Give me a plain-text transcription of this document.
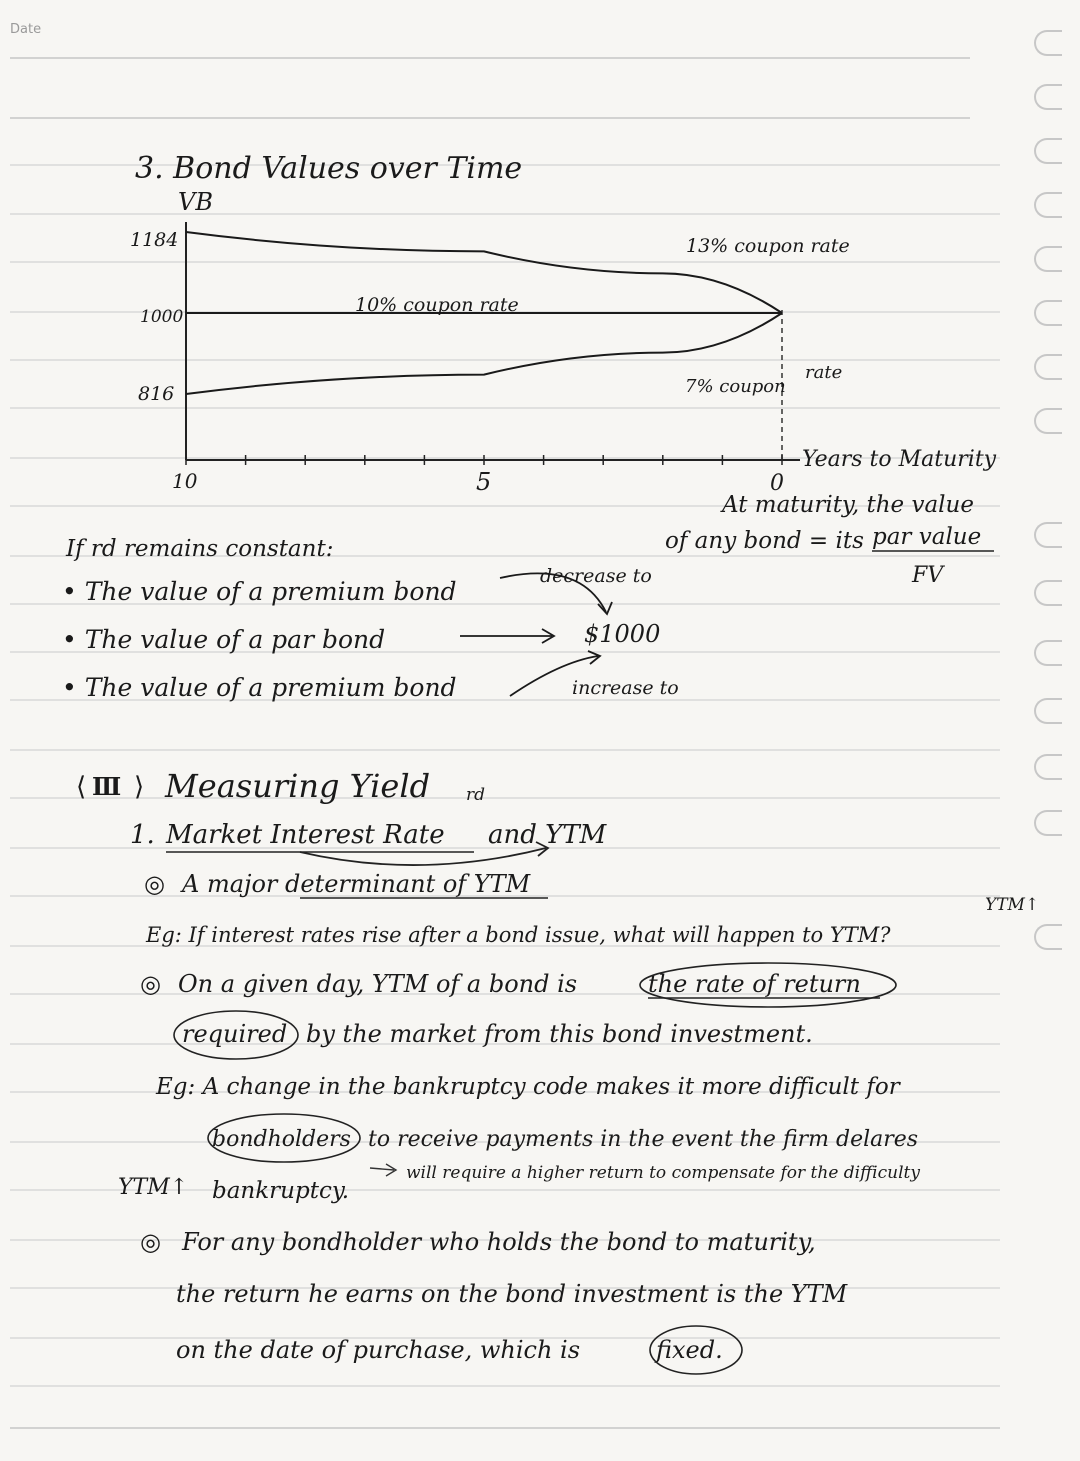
Date
3. Bond Values over Time
VB
1184
1000
816
10	5	0
Years to Maturity
13% coupon rate
10% coupon rate
7% coupon
rate
At maturity, the value
of any bond = its par value
FV
If rd remains constant:
• The value of a premium bond
• The value of a par bond
• The value of a premium bond
decrease to
$1000
increase to
⟨ Ⅲ ⟩ Measuring Yield rd
1. Market Interest Rate and YTM
◎ A major determinant of YTM
Eg: If interest rates rise after a bond issue, what will happen to YTM?
YTM↑
◎ On a given day, YTM of a bond is	the rate of return
required by the market from this bond investment.
Eg: A change in the bankruptcy code makes it more difficult for
bondholders to receive payments in the event the firm delares
will require a higher return to compensate for the difficulty
YTM↑ bankruptcy.
◎ For any bondholder who holds the bond to maturity,
the return he earns on the bond investment is the YTM
on the date of purchase, which is	fixed.
